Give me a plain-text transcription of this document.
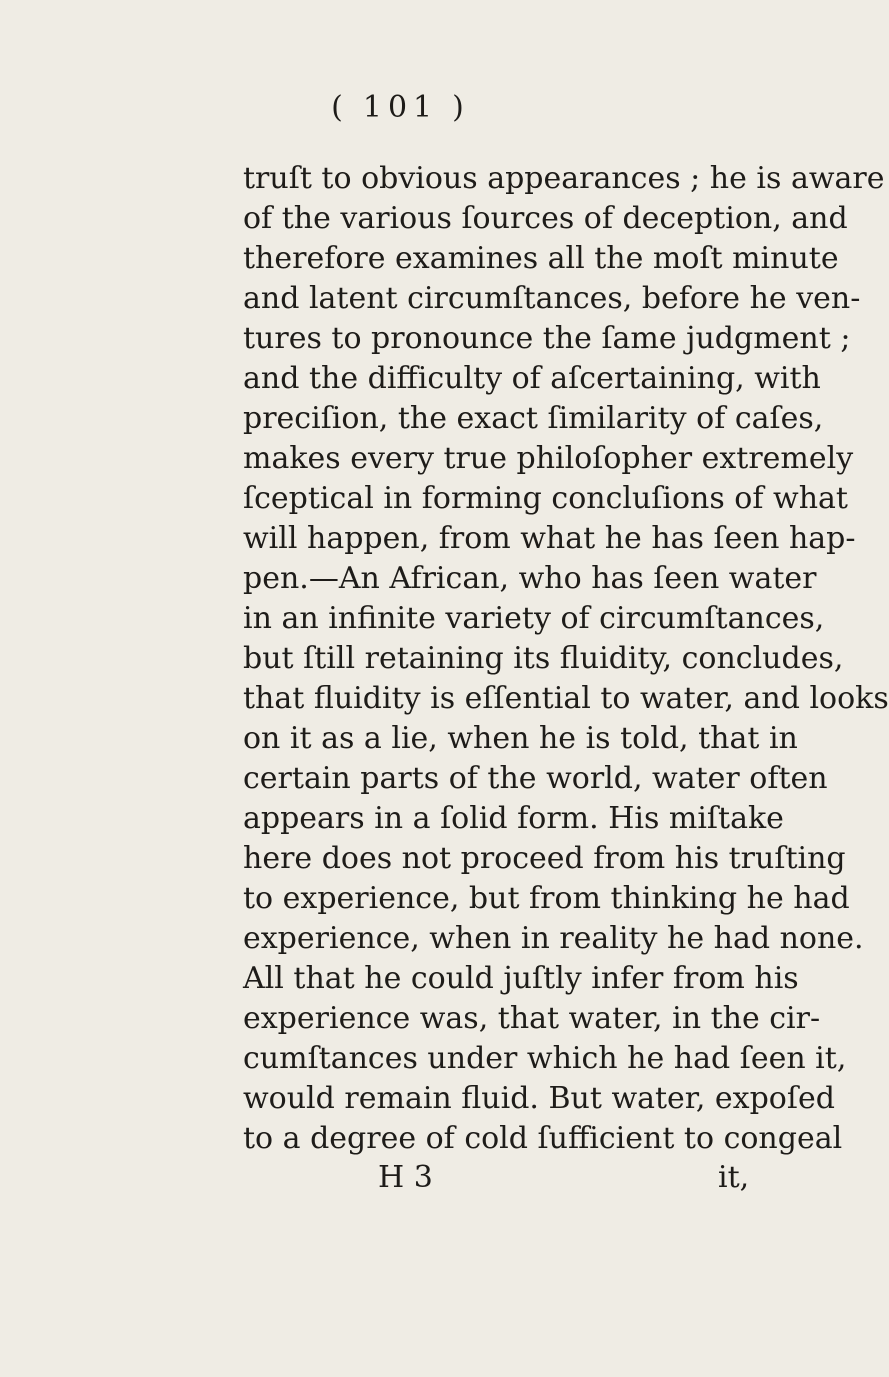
( 101 )
truſt to obvious appearances ; he is aware
of the various ſources of deception, and
therefore examines all the moſt minute
and latent circumſtances, before he ven-
tures to pronounce the ſame judgment ;
and the difficulty of aſcertaining, with
preciſion, the exact ſimilarity of caſes,
makes every true philoſopher extremely
ſceptical in forming concluſions of what
will happen, from what he has ſeen hap-
pen.—An African, who has ſeen water
in an infinite variety of circumſtances,
but ſtill retaining its fluidity, concludes,
that fluidity is eſſential to water, and looks
on it as a lie, when he is told, that in
certain parts of the world, water often
appears in a ſolid form. His miſtake
here does not proceed from his truſting
to experience, but from thinking he had
experience, when in reality he had none.
All that he could juſtly infer from his
experience was, that water, in the cir-
cumſtances under which he had ſeen it,
would remain fluid. But water, expoſed
to a degree of cold ſufficient to congeal
H 3	it,
